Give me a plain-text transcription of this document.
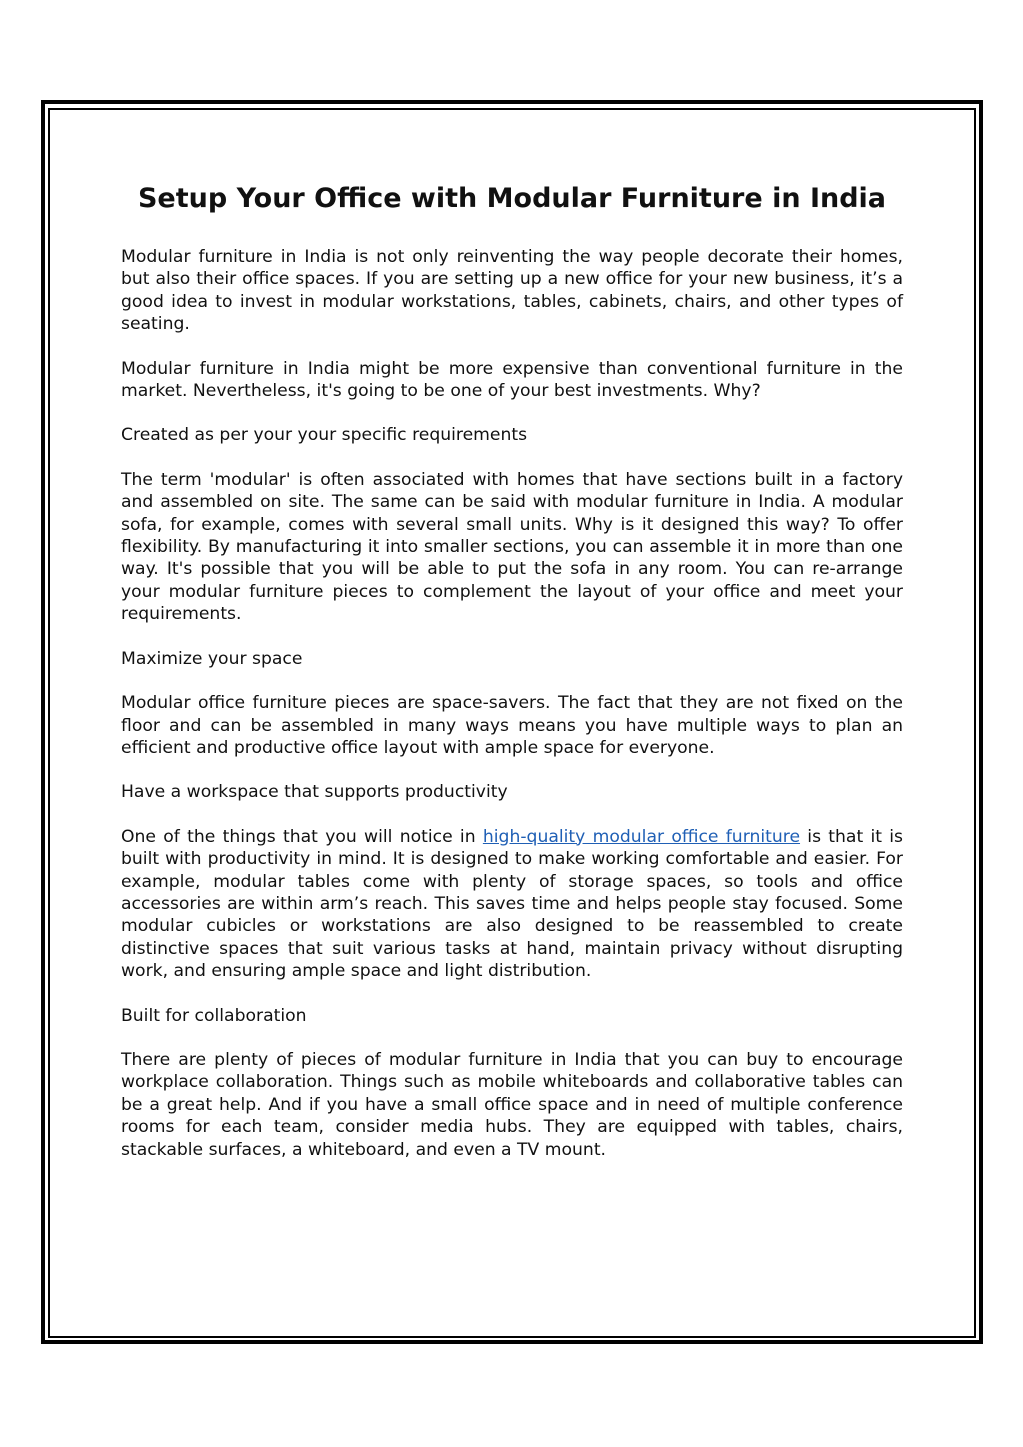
Setup Your Office with Modular Furniture in India

Modular furniture in India is not only reinventing the way people decorate their homes, but also their office spaces. If you are setting up a new office for your new business, it’s a good idea to invest in modular workstations, tables, cabinets, chairs, and other types of seating.

Modular furniture in India might be more expensive than conventional furniture in the market. Nevertheless, it's going to be one of your best investments. Why?

Created as per your your specific requirements

The term 'modular' is often associated with homes that have sections built in a factory and assembled on site. The same can be said with modular furniture in India. A modular sofa, for example, comes with several small units. Why is it designed this way? To offer flexibility. By manufacturing it into smaller sections, you can assemble it in more than one way. It's possible that you will be able to put the sofa in any room. You can re-arrange your modular furniture pieces to complement the layout of your office and meet your requirements.

Maximize your space

Modular office furniture pieces are space-savers. The fact that they are not fixed on the floor and can be assembled in many ways means you have multiple ways to plan an efficient and productive office layout with ample space for everyone.

Have a workspace that supports productivity

One of the things that you will notice in high-quality modular office furniture is that it is built with productivity in mind. It is designed to make working comfortable and easier. For example, modular tables come with plenty of storage spaces, so tools and office accessories are within arm’s reach. This saves time and helps people stay focused. Some modular cubicles or workstations are also designed to be reassembled to create distinctive spaces that suit various tasks at hand, maintain privacy without disrupting work, and ensuring ample space and light distribution.

Built for collaboration

There are plenty of pieces of modular furniture in India that you can buy to encourage workplace collaboration. Things such as mobile whiteboards and collaborative tables can be a great help. And if you have a small office space and in need of multiple conference rooms for each team, consider media hubs. They are equipped with tables, chairs, stackable surfaces, a whiteboard, and even a TV mount.
